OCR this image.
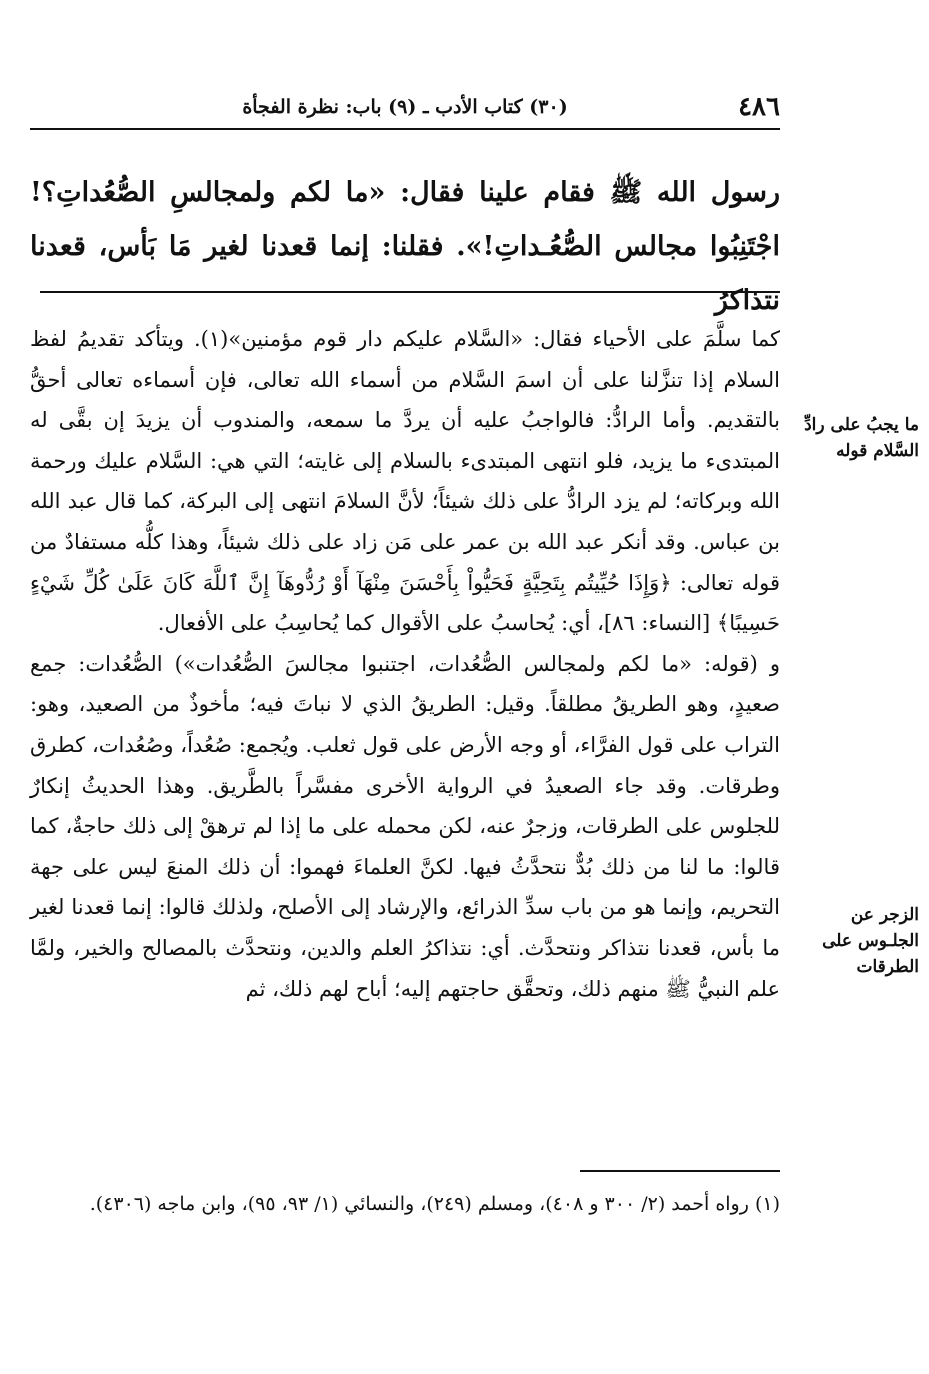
٤٨٦
(٣٠) كتاب الأدب ـ (٩) باب: نظرة الفجأة
رسول الله ﷺ فقام علينا فقال: «ما لكم ولمجالسِ الصُّعُداتِ؟! اجْتَنِبُوا مجالس الصُّعُـداتِ!». فقلنا: إنما قعدنا لغير مَا بَأس، قعدنا نتذاكرُ

كما سلَّمَ على الأحياء فقال: «السَّلام عليكم دار قوم مؤمنين»(١). ويتأكد تقديمُ لفظ السلام إذا تنزَّلنا على أن اسمَ السَّلام من أسماء الله تعالى، فإن أسماءه تعالى أحقُّ بالتقديم. وأما الرادُّ: فالواجبُ عليه أن يردَّ ما سمعه، والمندوب أن يزيدَ إن بقَّى له المبتدىء ما يزيد، فلو انتهى المبتدىء بالسلام إلى غايته؛ التي هي: السَّلام عليك ورحمة الله وبركاته؛ لم يزد الرادُّ على ذلك شيئاً؛ لأنَّ السلامَ انتهى إلى البركة، كما قال عبد الله بن عباس. وقد أنكر عبد الله بن عمر على مَن زاد على ذلك شيئاً، وهذا كلُّه مستفادٌ من قوله تعالى: ﴿وَإِذَا حُيِّيتُم بِتَحِيَّةٍ فَحَيُّواْ بِأَحْسَنَ مِنْهَآ أَوْ رُدُّوهَآ إِنَّ ٱللَّهَ كَانَ عَلَىٰ كُلِّ شَيْءٍ حَسِيبًا﴾ [النساء: ٨٦]، أي: يُحاسبُ على الأقوال كما يُحاسِبُ على الأفعال.

و (قوله: «ما لكم ولمجالس الصُّعُدات، اجتنبوا مجالسَ الصُّعُدات») الصُّعُدات: جمع صعيدٍ، وهو الطريقُ مطلقاً. وقيل: الطريقُ الذي لا نباتَ فيه؛ مأخوذٌ من الصعيد، وهو: التراب على قول الفرَّاء، أو وجه الأرض على قول ثعلب. ويُجمع: صُعُداً، وصُعُدات، كطرق وطرقات. وقد جاء الصعيدُ في الرواية الأخرى مفسَّراً بالطَّريق. وهذا الحديثُ إنكارٌ للجلوس على الطرقات، وزجرٌ عنه، لكن محمله على ما إذا لم ترهقْ إلى ذلك حاجةٌ، كما قالوا: ما لنا من ذلك بُدٌّ نتحدَّثُ فيها. لكنَّ العلماءَ فهموا: أن ذلك المنعَ ليس على جهة التحريم، وإنما هو من باب سدِّ الذرائع، والإرشاد إلى الأصلح، ولذلك قالوا: إنما قعدنا لغير ما بأس، قعدنا نتذاكر ونتحدَّث. أي: نتذاكرُ العلم والدين، ونتحدَّث بالمصالح والخير، ولمَّا علم النبيُّ ﷺ منهم ذلك، وتحقَّق حاجتهم إليه؛ أباح لهم ذلك، ثم

ما يجبُ على رادِّ السَّلام قوله
الزجر عن الجلـوس على الطرقات
(١) رواه أحمد (٢/ ٣٠٠ و ٤٠٨)، ومسلم (٢٤٩)، والنسائي (١/ ٩٣، ٩٥)، وابن ماجه (٤٣٠٦).
